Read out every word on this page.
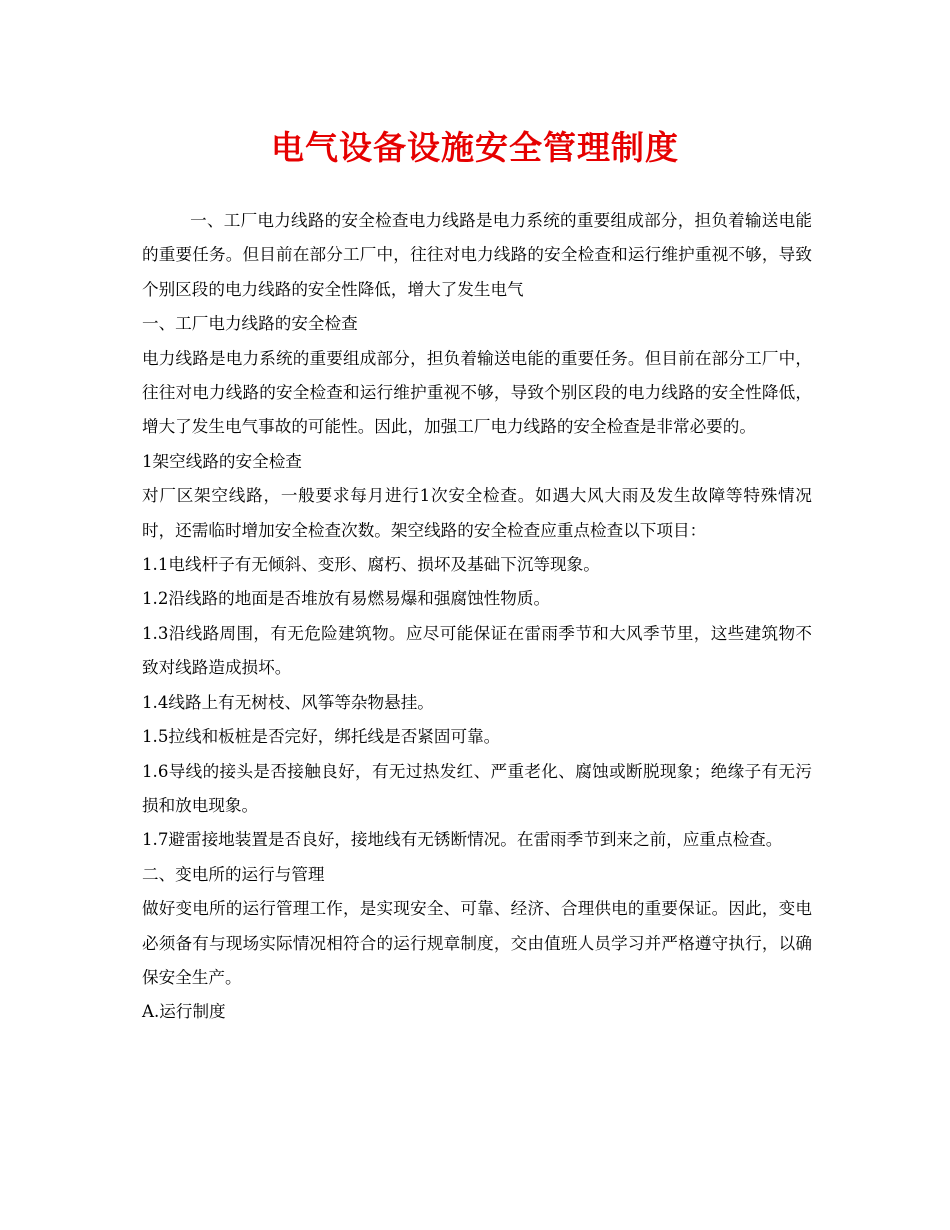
电气设备设施安全管理制度

一、工厂电力线路的安全检查电力线路是电力系统的重要组成部分，担负着输送电能的重要任务。但目前在部分工厂中，往往对电力线路的安全检查和运行维护重视不够，导致个别区段的电力线路的安全性降低，增大了发生电气

一、工厂电力线路的安全检查

电力线路是电力系统的重要组成部分，担负着输送电能的重要任务。但目前在部分工厂中，往往对电力线路的安全检查和运行维护重视不够，导致个别区段的电力线路的安全性降低，增大了发生电气事故的可能性。因此，加强工厂电力线路的安全检查是非常必要的。

1架空线路的安全检查

对厂区架空线路，一般要求每月进行1次安全检查。如遇大风大雨及发生故障等特殊情况时，还需临时增加安全检查次数。架空线路的安全检查应重点检查以下项目：

1.1电线杆子有无倾斜、变形、腐朽、损坏及基础下沉等现象。

1.2沿线路的地面是否堆放有易燃易爆和强腐蚀性物质。

1.3沿线路周围，有无危险建筑物。应尽可能保证在雷雨季节和大风季节里，这些建筑物不致对线路造成损坏。

1.4线路上有无树枝、风筝等杂物悬挂。

1.5拉线和板桩是否完好，绑托线是否紧固可靠。

1.6导线的接头是否接触良好，有无过热发红、严重老化、腐蚀或断脱现象；绝缘子有无污损和放电现象。

1.7避雷接地装置是否良好，接地线有无锈断情况。在雷雨季节到来之前，应重点检查。

二、变电所的运行与管理

做好变电所的运行管理工作，是实现安全、可靠、经济、合理供电的重要保证。因此，变电必须备有与现场实际情况相符合的运行规章制度，交由值班人员学习并严格遵守执行，以确保安全生产。

A.运行制度
